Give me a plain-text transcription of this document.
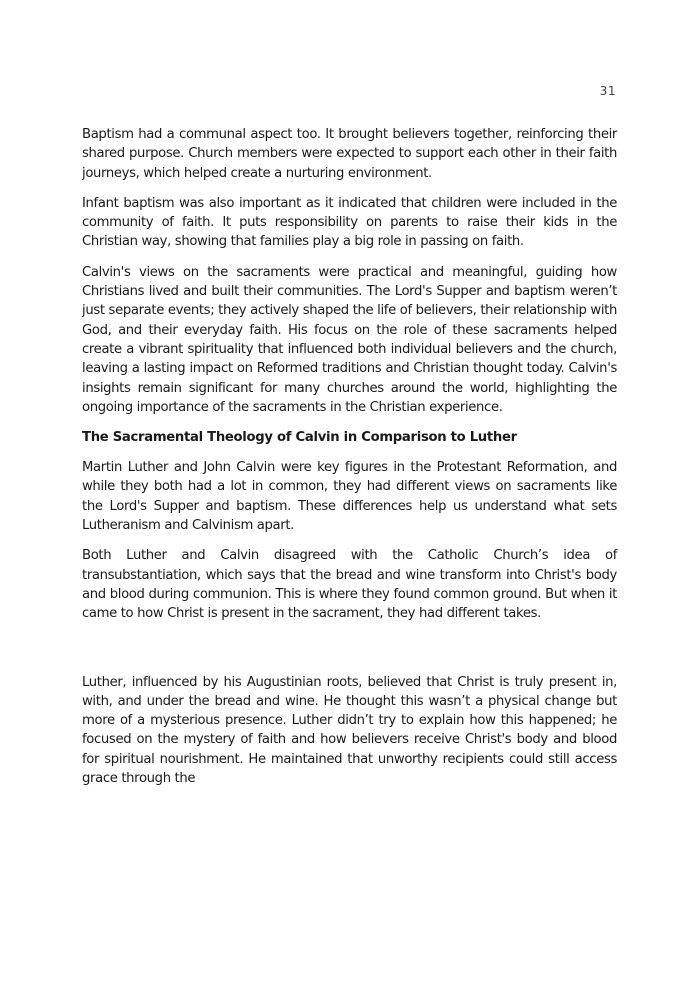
31

Baptism had a communal aspect too. It brought believers together, reinforcing their shared purpose. Church members were expected to support each other in their faith journeys, which helped create a nurturing environment.

Infant baptism was also important as it indicated that children were included in the community of faith. It puts responsibility on parents to raise their kids in the Christian way, showing that families play a big role in passing on faith.

Calvin's views on the sacraments were practical and meaningful, guiding how Christians lived and built their communities. The Lord's Supper and baptism weren’t just separate events; they actively shaped the life of believers, their relationship with God, and their everyday faith. His focus on the role of these sacraments helped create a vibrant spirituality that influenced both individual believers and the church, leaving a lasting impact on Reformed traditions and Christian thought today. Calvin's insights remain significant for many churches around the world, highlighting the ongoing importance of the sacraments in the Christian experience.

The Sacramental Theology of Calvin in Comparison to Luther

Martin Luther and John Calvin were key figures in the Protestant Reformation, and while they both had a lot in common, they had different views on sacraments like the Lord's Supper and baptism. These differences help us understand what sets Lutheranism and Calvinism apart.

Both Luther and Calvin disagreed with the Catholic Church’s idea of transubstantiation, which says that the bread and wine transform into Christ's body and blood during communion. This is where they found common ground. But when it came to how Christ is present in the sacrament, they had different takes.

Luther, influenced by his Augustinian roots, believed that Christ is truly present in, with, and under the bread and wine. He thought this wasn’t a physical change but more of a mysterious presence. Luther didn’t try to explain how this happened; he focused on the mystery of faith and how believers receive Christ's body and blood for spiritual nourishment. He maintained that unworthy recipients could still access grace through the
